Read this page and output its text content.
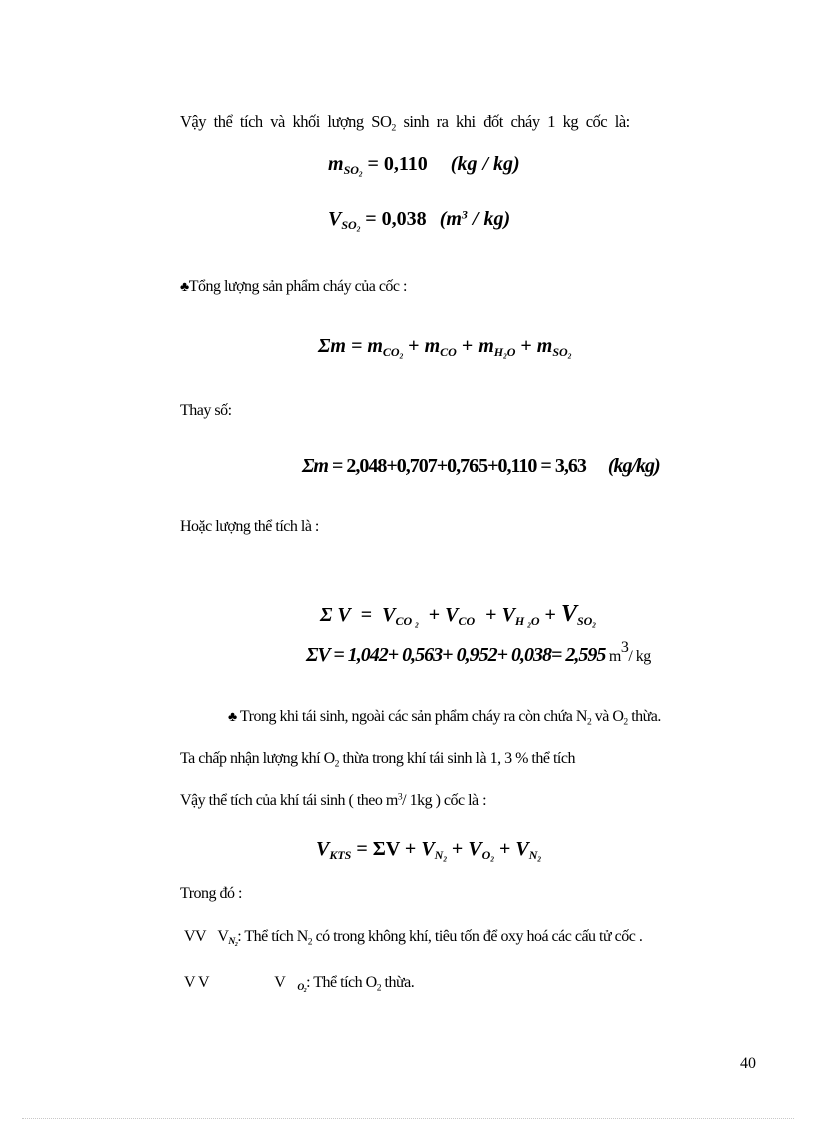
Vậy thể tích và khối lượng $SO_2$ sinh ra khi đốt cháy 1 kg cốc là:
$m_{SO_2} = 0,110$ (kg / kg)
$V_{SO_2} = 0,038$ $(m^3 / kg)$
♣Tổng lượng sản phẩm cháy của cốc :
$\Sigma m = m_{CO_2} + m_{CO} + m_{H_2O} + m_{SO_2}$
Thay số:
Σm = 2,048+0,707+0,765+0,110 = 3,63 (kg/kg)
Hoặc lượng thể tích là :

Σ $V = V_{CO _2} + V_{CO} + V_{H _2O} + V_{SO_2}$

ΣV = 1,042+ 0,563+ 0,952+ 0,038= 2,595 $m^3/$ kg
♣ Trong khi tái sinh, ngoài các sản phẩm cháy ra còn chứa $N_2$ và $O_2$ thừa.
Ta chấp nhận lượng khí $O_2$ thừa trong khí tái sinh là 1, 3 % thể tích
Vậy thể tích của khí tái sinh ( theo $m^3/$ 1kg ) cốc là :
$V_{KTS} = \Sigma V + V_{N_2} + V_{O_2} + V_{N_2}$
Trong đó :
VV $V_{N_2}$: Thể tích $N_2$ có trong không khí, tiêu tốn để oxy hoá các cấu tử cốc .
V V	V $_{O_2}$: Thể tích $O_2$ thừa.
40
